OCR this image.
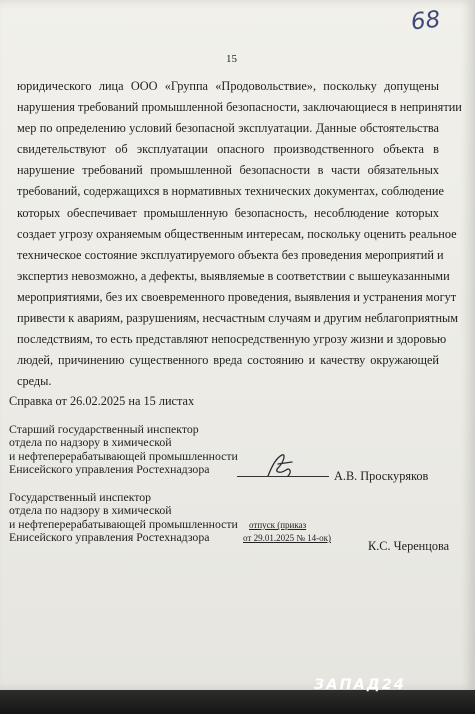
68
15

юридического лица ООО «Группа «Продовольствие», поскольку допущены
нарушения требований промышленной безопасности, заключающиеся в непринятии
мер по определению условий безопасной эксплуатации. Данные обстоятельства
свидетельствуют об эксплуатации опасного производственного объекта в
нарушение требований промышленной безопасности в части обязательных
требований, содержащихся в нормативных технических документах, соблюдение
которых обеспечивает промышленную безопасность, несоблюдение которых
создает угрозу охраняемым общественным интересам, поскольку оценить реальное
техническое состояние эксплуатируемого объекта без проведения мероприятий и
экспертиз невозможно, а дефекты, выявляемые в соответствии с вышеуказанными
мероприятиями, без их своевременного проведения, выявления и устранения могут
привести к авариям, разрушениям, несчастным случаям и другим неблагоприятным
последствиям, то есть представляют непосредственную угрозу жизни и здоровью
людей, причинению существенного вреда состоянию и качеству окружающей
среды.

Справка от 26.02.2025 на 15 листах
Старший государственный инспектор
отдела по надзору в химической
и нефтеперерабатывающей промышленности
Енисейского управления Ростехнадзора
А.В. Проскуряков
Государственный инспектор
отдела по надзору в химической
и нефтеперерабатывающей промышленности
Енисейского управления Ростехнадзора
отпуск (приказ
от 29.01.2025 № 14-ок)
К.С. Черенцова
ЗАПАД24
